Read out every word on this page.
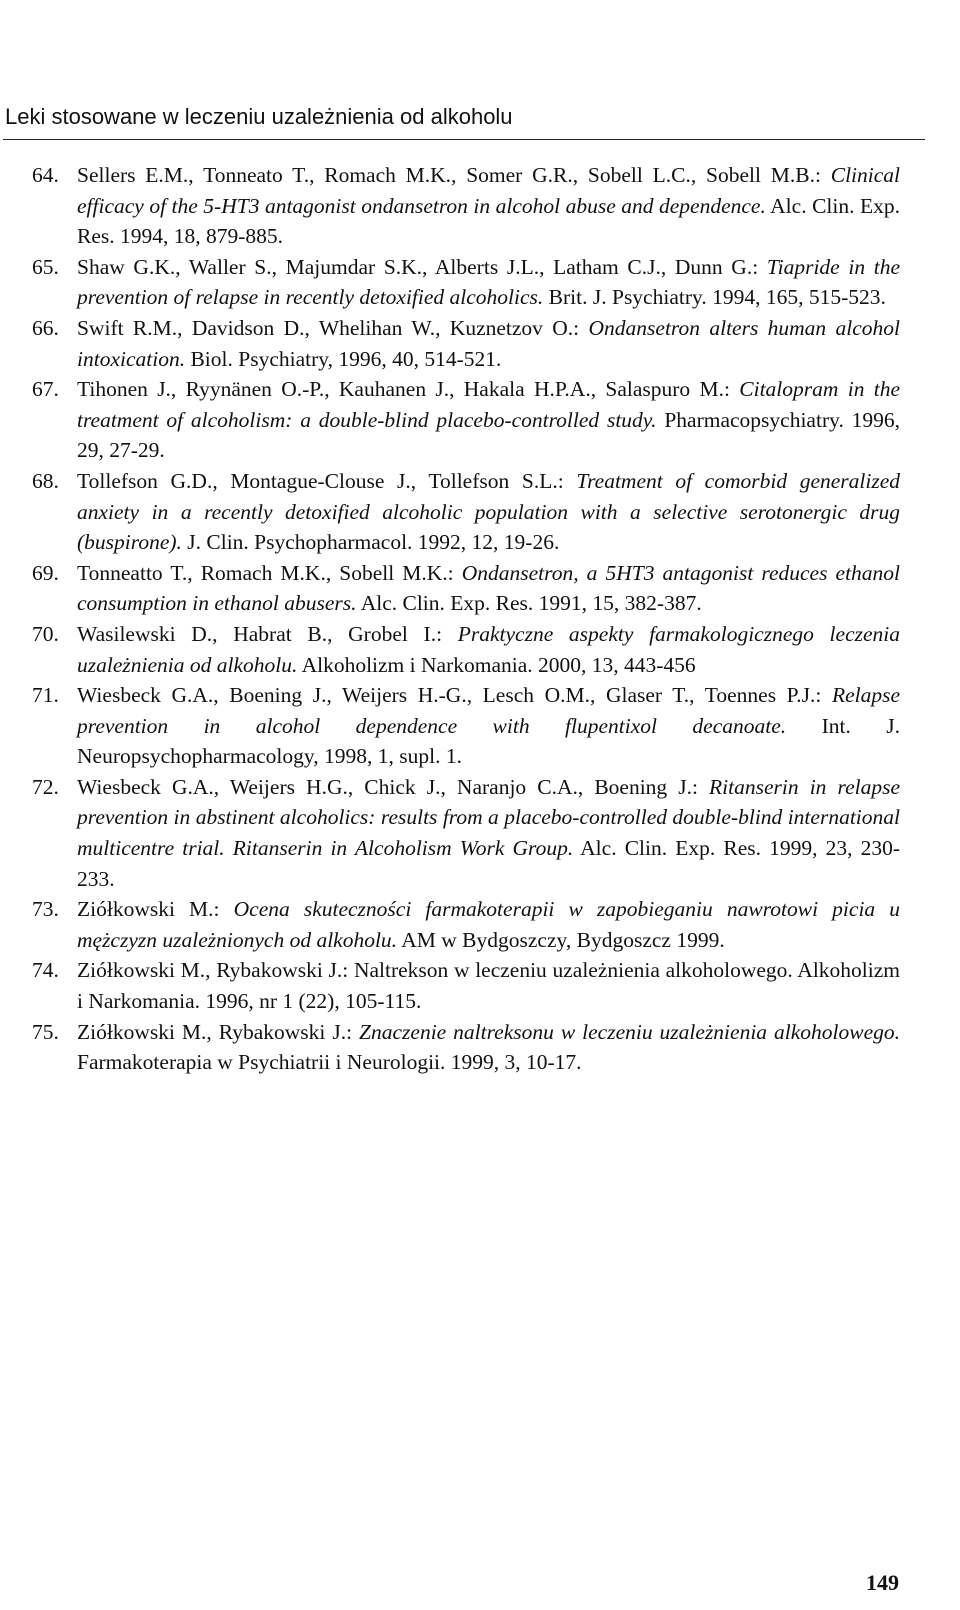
Leki stosowane w leczeniu uzależnienia od alkoholu
64. Sellers E.M., Tonneato T., Romach M.K., Somer G.R., Sobell L.C., Sobell M.B.: Clinical efficacy of the 5-HT3 antagonist ondansetron in alcohol abuse and dependence. Alc. Clin. Exp. Res. 1994, 18, 879-885.
65. Shaw G.K., Waller S., Majumdar S.K., Alberts J.L., Latham C.J., Dunn G.: Tiapride in the prevention of relapse in recently detoxified alcoholics. Brit. J. Psychiatry. 1994, 165, 515-523.
66. Swift R.M., Davidson D., Whelihan W., Kuznetzov O.: Ondansetron alters human alcohol intoxication. Biol. Psychiatry, 1996, 40, 514-521.
67. Tihonen J., Ryynänen O.-P., Kauhanen J., Hakala H.P.A., Salaspuro M.: Citalopram in the treatment of alcoholism: a double-blind placebo-controlled study. Pharmacopsychiatry. 1996, 29, 27-29.
68. Tollefson G.D., Montague-Clouse J., Tollefson S.L.: Treatment of comorbid generalized anxiety in a recently detoxified alcoholic population with a selective serotonergic drug (buspirone). J. Clin. Psychopharmacol. 1992, 12, 19-26.
69. Tonneatto T., Romach M.K., Sobell M.K.: Ondansetron, a 5HT3 antagonist reduces ethanol consumption in ethanol abusers. Alc. Clin. Exp. Res. 1991, 15, 382-387.
70. Wasilewski D., Habrat B., Grobel I.: Praktyczne aspekty farmakologicznego leczenia uzależnienia od alkoholu. Alkoholizm i Narkomania. 2000, 13, 443-456
71. Wiesbeck G.A., Boening J., Weijers H.-G., Lesch O.M., Glaser T., Toennes P.J.: Relapse prevention in alcohol dependence with flupentixol decanoate. Int. J. Neuropsychopharmacology, 1998, 1, supl. 1.
72. Wiesbeck G.A., Weijers H.G., Chick J., Naranjo C.A., Boening J.: Ritanserin in relapse prevention in abstinent alcoholics: results from a placebo-controlled double-blind international multicentre trial. Ritanserin in Alcoholism Work Group. Alc. Clin. Exp. Res. 1999, 23, 230-233.
73. Ziółkowski M.: Ocena skuteczności farmakoterapii w zapobieganiu nawrotowi picia u mężczyzn uzależnionych od alkoholu. AM w Bydgoszczy, Bydgoszcz 1999.
74. Ziółkowski M., Rybakowski J.: Naltrekson w leczeniu uzależnienia alkoholowego. Alkoholizm i Narkomania. 1996, nr 1 (22), 105-115.
75. Ziółkowski M., Rybakowski J.: Znaczenie naltreksonu w leczeniu uzależnienia alkoholowego. Farmakoterapia w Psychiatrii i Neurologii. 1999, 3, 10-17.
149
